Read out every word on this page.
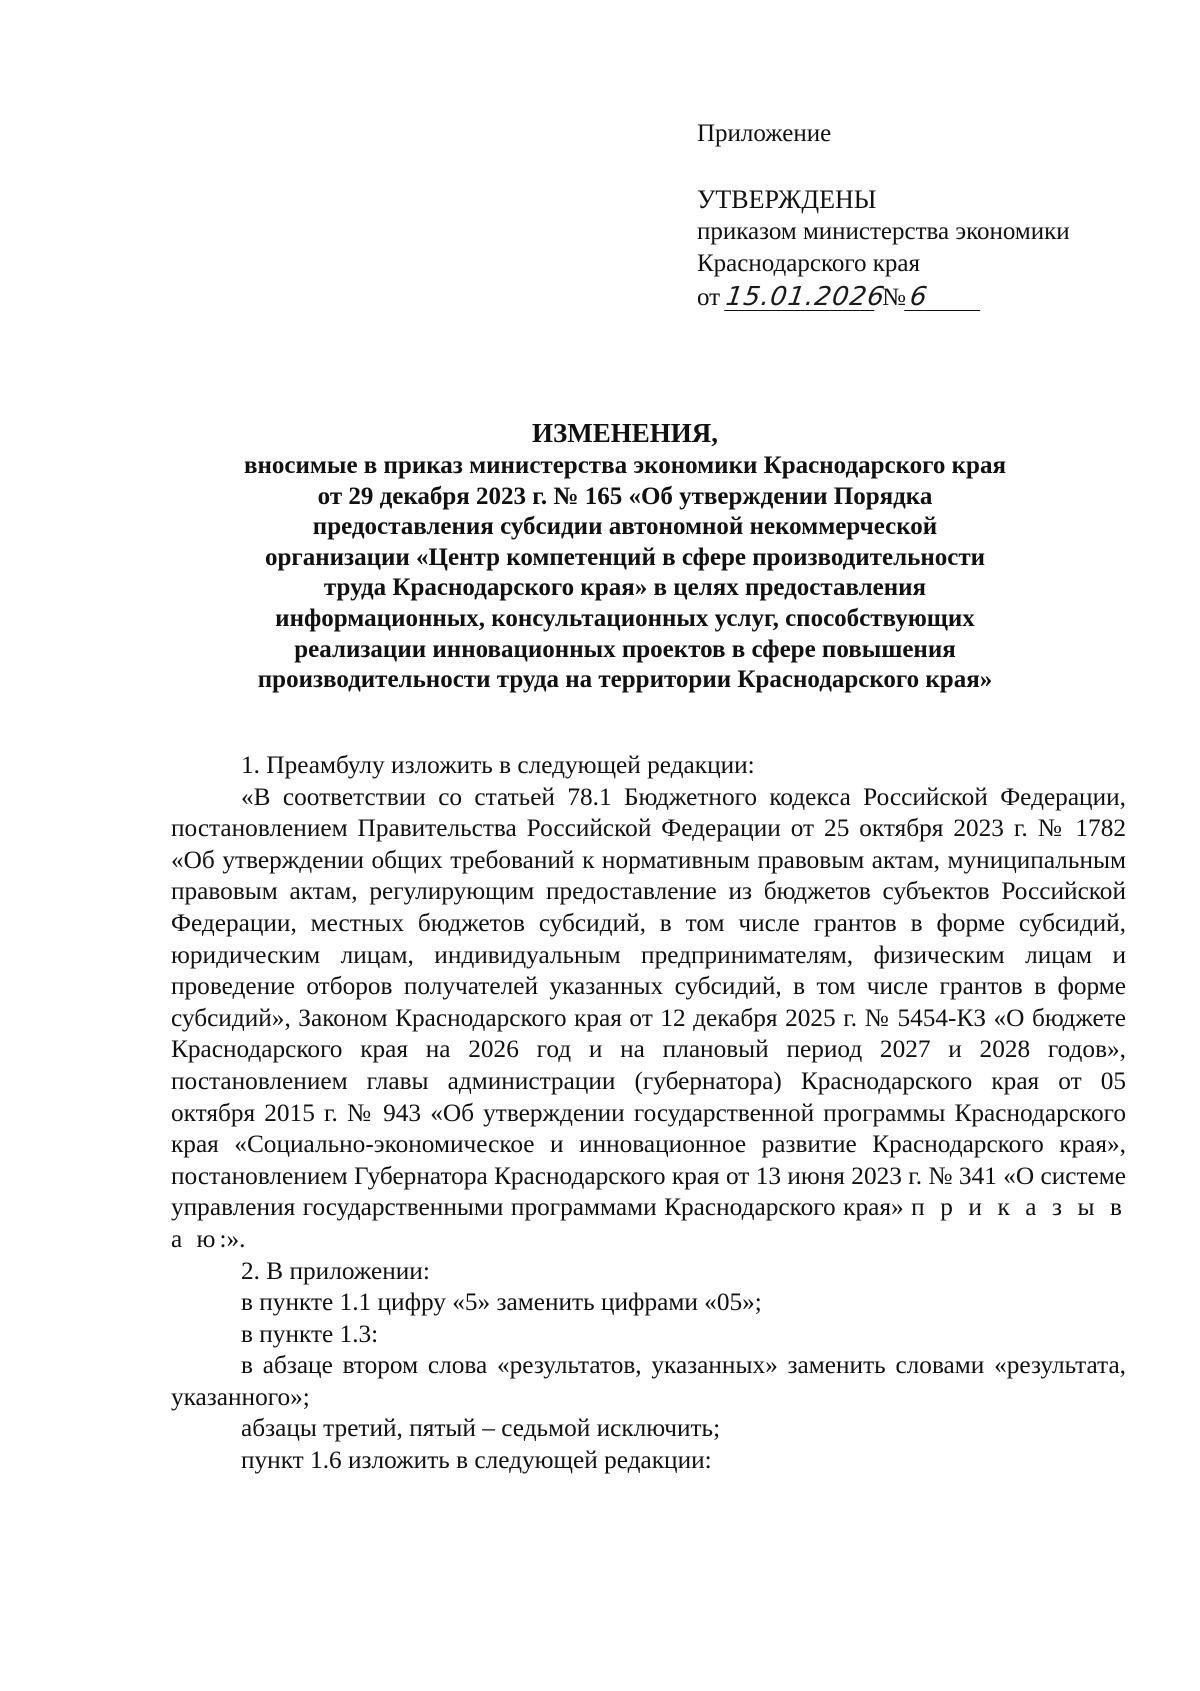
Приложение
УТВЕРЖДЕНЫ
приказом министерства экономики
Краснодарского края
от 15.01.2026№6
ИЗМЕНЕНИЯ,
вносимые в приказ министерства экономики Краснодарского края
от 29 декабря 2023 г. № 165 «Об утверждении Порядка
предоставления субсидии автономной некоммерческой
организации «Центр компетенций в сфере производительности
труда Краснодарского края» в целях предоставления
информационных, консультационных услуг, способствующих
реализации инновационных проектов в сфере повышения
производительности труда на территории Краснодарского края»

1. Преамбулу изложить в следующей редакции:

«В соответствии со статьей 78.1 Бюджетного кодекса Российской Федерации, постановлением Правительства Российской Федерации от 25 октября 2023 г. № 1782 «Об утверждении общих требований к нормативным правовым актам, муниципальным правовым актам, регулирующим предоставление из бюджетов субъектов Российской Федерации, местных бюджетов субсидий, в том числе грантов в форме субсидий, юридическим лицам, индивидуальным предпринимателям, физическим лицам и проведение отборов получателей указанных субсидий, в том числе грантов в форме субсидий», Законом Краснодарского края от 12 декабря 2025 г. № 5454-КЗ «О бюджете Краснодарского края на 2026 год и на плановый период 2027 и 2028 годов», постановлением главы администрации (губернатора) Краснодарского края от 05 октября 2015 г. № 943 «Об утверждении государственной программы Краснодарского края «Социально-экономическое и инновационное развитие Краснодарского края», постановлением Губернатора Краснодарского края от 13 июня 2023 г. № 341 «О системе управления государственными программами Краснодарского края» п р и к а з ы в а ю:».

2. В приложении:

в пункте 1.1 цифру «5» заменить цифрами «05»;

в пункте 1.3:

в абзаце втором слова «результатов, указанных» заменить словами «результата, указанного»;

абзацы третий, пятый – седьмой исключить;

пункт 1.6 изложить в следующей редакции:
